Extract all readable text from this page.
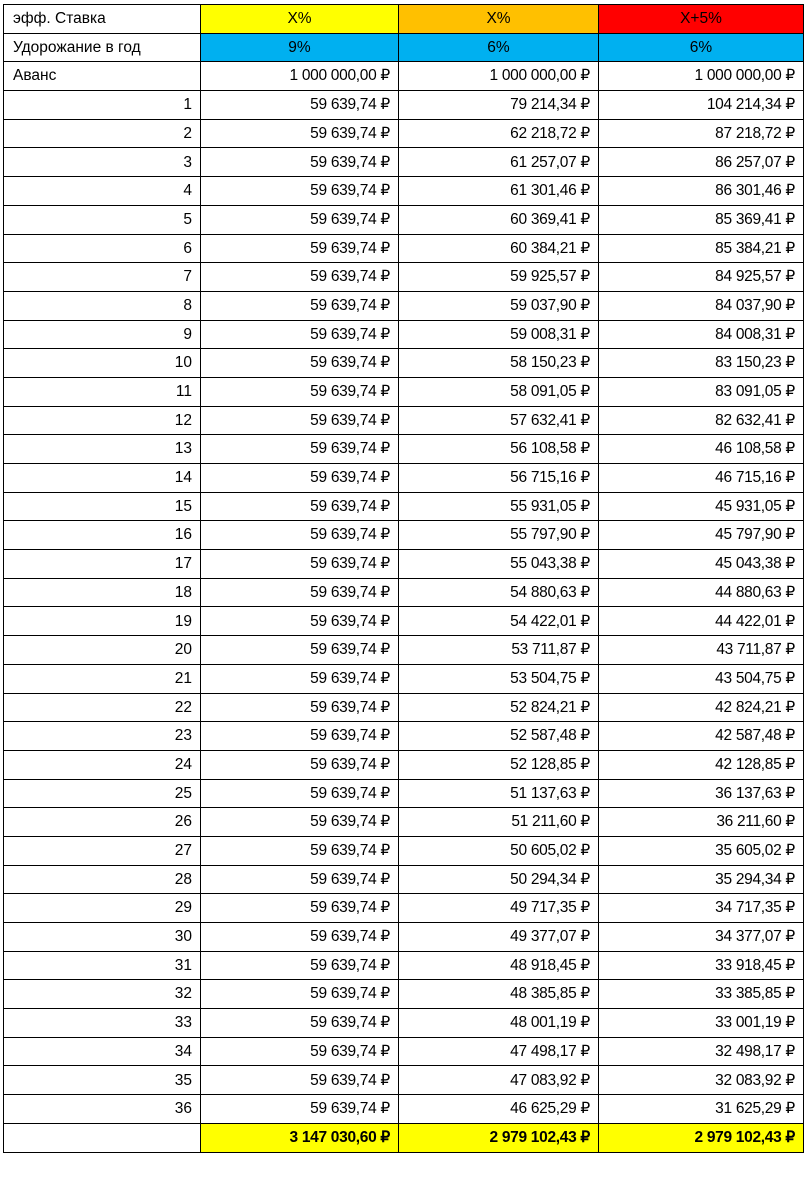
эфф. Ставка	X%	X%	X+5%
Удорожание в год	9%	6%	6%
Аванс	1 000 000,00 ₽	1 000 000,00 ₽	1 000 000,00 ₽
1	59 639,74 ₽	79 214,34 ₽	104 214,34 ₽
2	59 639,74 ₽	62 218,72 ₽	87 218,72 ₽
3	59 639,74 ₽	61 257,07 ₽	86 257,07 ₽
4	59 639,74 ₽	61 301,46 ₽	86 301,46 ₽
5	59 639,74 ₽	60 369,41 ₽	85 369,41 ₽
6	59 639,74 ₽	60 384,21 ₽	85 384,21 ₽
7	59 639,74 ₽	59 925,57 ₽	84 925,57 ₽
8	59 639,74 ₽	59 037,90 ₽	84 037,90 ₽
9	59 639,74 ₽	59 008,31 ₽	84 008,31 ₽
10	59 639,74 ₽	58 150,23 ₽	83 150,23 ₽
11	59 639,74 ₽	58 091,05 ₽	83 091,05 ₽
12	59 639,74 ₽	57 632,41 ₽	82 632,41 ₽
13	59 639,74 ₽	56 108,58 ₽	46 108,58 ₽
14	59 639,74 ₽	56 715,16 ₽	46 715,16 ₽
15	59 639,74 ₽	55 931,05 ₽	45 931,05 ₽
16	59 639,74 ₽	55 797,90 ₽	45 797,90 ₽
17	59 639,74 ₽	55 043,38 ₽	45 043,38 ₽
18	59 639,74 ₽	54 880,63 ₽	44 880,63 ₽
19	59 639,74 ₽	54 422,01 ₽	44 422,01 ₽
20	59 639,74 ₽	53 711,87 ₽	43 711,87 ₽
21	59 639,74 ₽	53 504,75 ₽	43 504,75 ₽
22	59 639,74 ₽	52 824,21 ₽	42 824,21 ₽
23	59 639,74 ₽	52 587,48 ₽	42 587,48 ₽
24	59 639,74 ₽	52 128,85 ₽	42 128,85 ₽
25	59 639,74 ₽	51 137,63 ₽	36 137,63 ₽
26	59 639,74 ₽	51 211,60 ₽	36 211,60 ₽
27	59 639,74 ₽	50 605,02 ₽	35 605,02 ₽
28	59 639,74 ₽	50 294,34 ₽	35 294,34 ₽
29	59 639,74 ₽	49 717,35 ₽	34 717,35 ₽
30	59 639,74 ₽	49 377,07 ₽	34 377,07 ₽
31	59 639,74 ₽	48 918,45 ₽	33 918,45 ₽
32	59 639,74 ₽	48 385,85 ₽	33 385,85 ₽
33	59 639,74 ₽	48 001,19 ₽	33 001,19 ₽
34	59 639,74 ₽	47 498,17 ₽	32 498,17 ₽
35	59 639,74 ₽	47 083,92 ₽	32 083,92 ₽
36	59 639,74 ₽	46 625,29 ₽	31 625,29 ₽
	3 147 030,60 ₽	2 979 102,43 ₽	2 979 102,43 ₽
